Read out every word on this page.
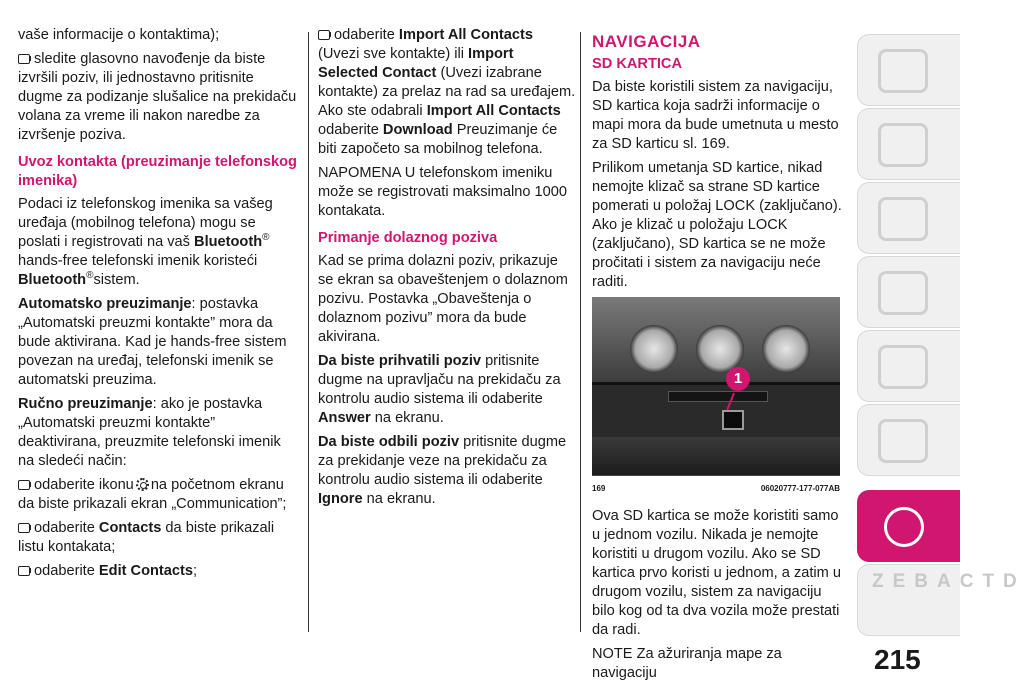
vaše informacije o kontaktima);

sledite glasovno navođenje da biste izvršili poziv, ili jednostavno pritisnite dugme za podizanje slušalice na prekidaču volana za vreme ili nakon naredbe za izvršenje poziva.

Uvoz kontakta (preuzimanje telefonskog imenika)

Podaci iz telefonskog imenika sa vašeg uređaja (mobilnog telefona) mogu se poslati i registrovati na vaš Bluetooth® hands-free telefonski imenik koristeći Bluetooth®sistem.

Automatsko preuzimanje: postavka „Automatski preuzmi kontakte” mora da bude aktivirana. Kad je hands-free sistem povezan na uređaj, telefonski imenik se automatski preuzima.

Ručno preuzimanje: ako je postavka „Automatski preuzmi kontakte” deaktivirana, preuzmite telefonski imenik na sledeći način:

odaberite ikonu na početnom ekranu da biste prikazali ekran „Communication”;

odaberite Contacts da biste prikazali listu kontakata;

odaberite Edit Contacts;

odaberite Import All Contacts (Uvezi sve kontakte) ili Import Selected Contact (Uvezi izabrane kontakte) za prelaz na rad sa uređajem. Ako ste odabrali Import All Contacts odaberite Download Preuzimanje će biti započeto sa mobilnog telefona.

NAPOMENA U telefonskom imeniku može se registrovati maksimalno 1000 kontakata.

Primanje dolaznog poziva

Kad se prima dolazni poziv, prikazuje se ekran sa obaveštenjem o dolaznom pozivu. Postavka „Obaveštenja o dolaznom pozivu” mora da bude akivirana.

Da biste prihvatili poziv pritisnite dugme na upravljaču na prekidaču za kontrolu audio sistema ili odaberite Answer na ekranu.

Da biste odbili poziv pritisnite dugme za prekidanje veze na prekidaču za kontrolu audio sistema ili odaberite Ignore na ekranu.

NAVIGACIJA
SD KARTICA

Da biste koristili sistem za navigaciju, SD kartica koja sadrži informacije o mapi mora da bude umetnuta u mesto za SD karticu sl. 169.

Prilikom umetanja SD kartice, nikad nemojte klizač sa strane SD kartice pomerati u položaj LOCK (zaključano). Ako je klizač u položaju LOCK (zaključano), SD kartica se ne može pročitati i sistem za navigaciju neće raditi.

1
169	06020777-177-077AB

Ova SD kartica se može koristiti samo u jednom vozilu. Nikada je nemojte koristiti u drugom vozilu. Ako se SD kartica prvo koristi u jednom, a zatim u drugom vozilu, sistem za navigaciju bilo kog od ta dva vozila može prestati da radi.

NOTE Za ažuriranja mape za navigaciju

ZEBACTD
215
